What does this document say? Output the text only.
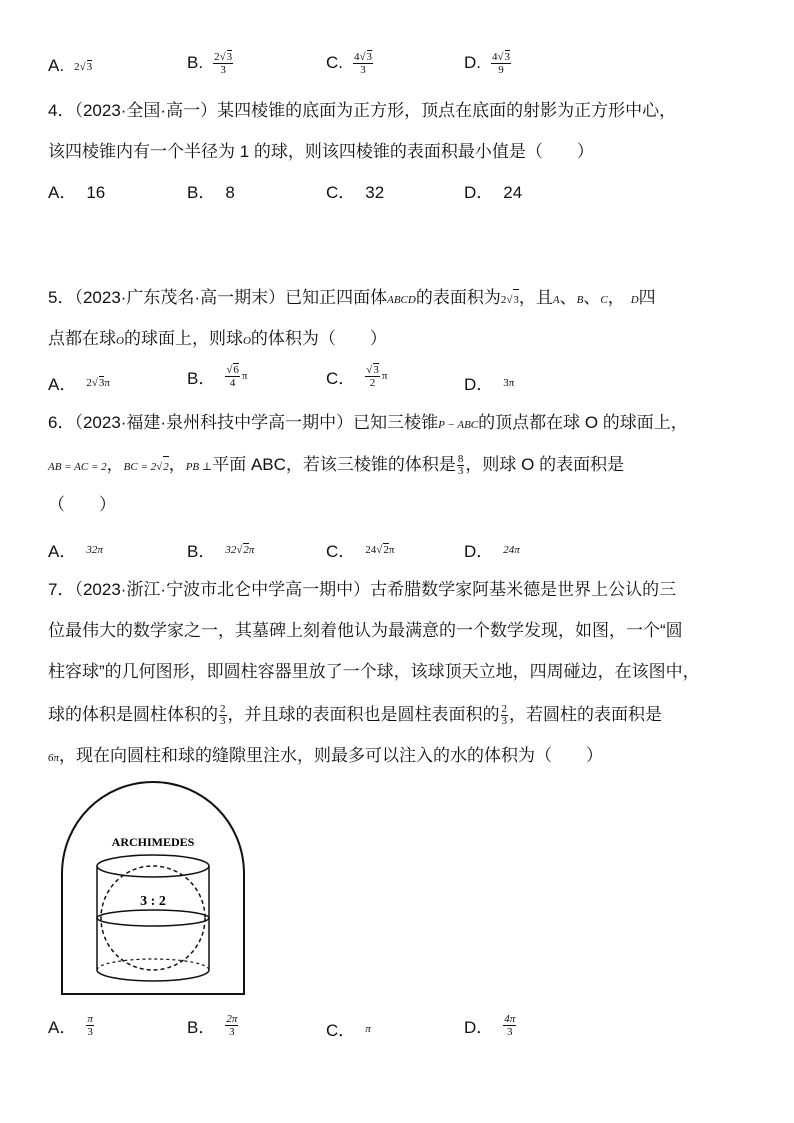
A. 2√3	B. $\frac{2√3}{3}$	C. $\frac{4√3}{3}$	D. $\frac{4√3}{9}$
4．（2023·全国·高一）某四棱锥的底面为正方形，顶点在底面的射影为正方形中心，
该四棱锥内有一个半径为 1 的球，则该四棱锥的表面积最小值是（　　）
A． 16	B． 8	C． 32	D． 24
5．（2023·广东茂名·高一期末）已知正四面体ABCD的表面积为2√3，且A、B、C， D四
点都在球O的球面上，则球O的体积为（　　）
A． 2√3π	B． $\frac{√6}{4}$ π	C． $\frac{√3}{2}$ π	D． 3π
6．（2023·福建·泉州科技中学高一期中）已知三棱锥P − ABC的顶点都在球 O 的球面上，
AB = AC = 2，BC = 2√2，PB ⊥平面 ABC，若该三棱锥的体积是 $\frac{8}{3}$ ，则球 O 的表面积是
（　　）
A． 32π	B． 32√2π	C． 24√2π	D． 24π
7．（2023·浙江·宁波市北仑中学高一期中）古希腊数学家阿基米德是世界上公认的三
位最伟大的数学家之一，其墓碑上刻着他认为最满意的一个数学发现，如图，一个“圆
柱容球”的几何图形，即圆柱容器里放了一个球，该球顶天立地，四周碰边，在该图中，
球的体积是圆柱体积的 $\frac{2}{3}$ ，并且球的表面积也是圆柱表面积的 $\frac{2}{3}$ ，若圆柱的表面积是
6π，现在向圆柱和球的缝隙里注水，则最多可以注入的水的体积为（　　）
ARCHIMEDES
3 : 2
A． $\frac{\pi}{3}$	B． $\frac{2\pi}{3}$	C． π	D． $\frac{4\pi}{3}$
